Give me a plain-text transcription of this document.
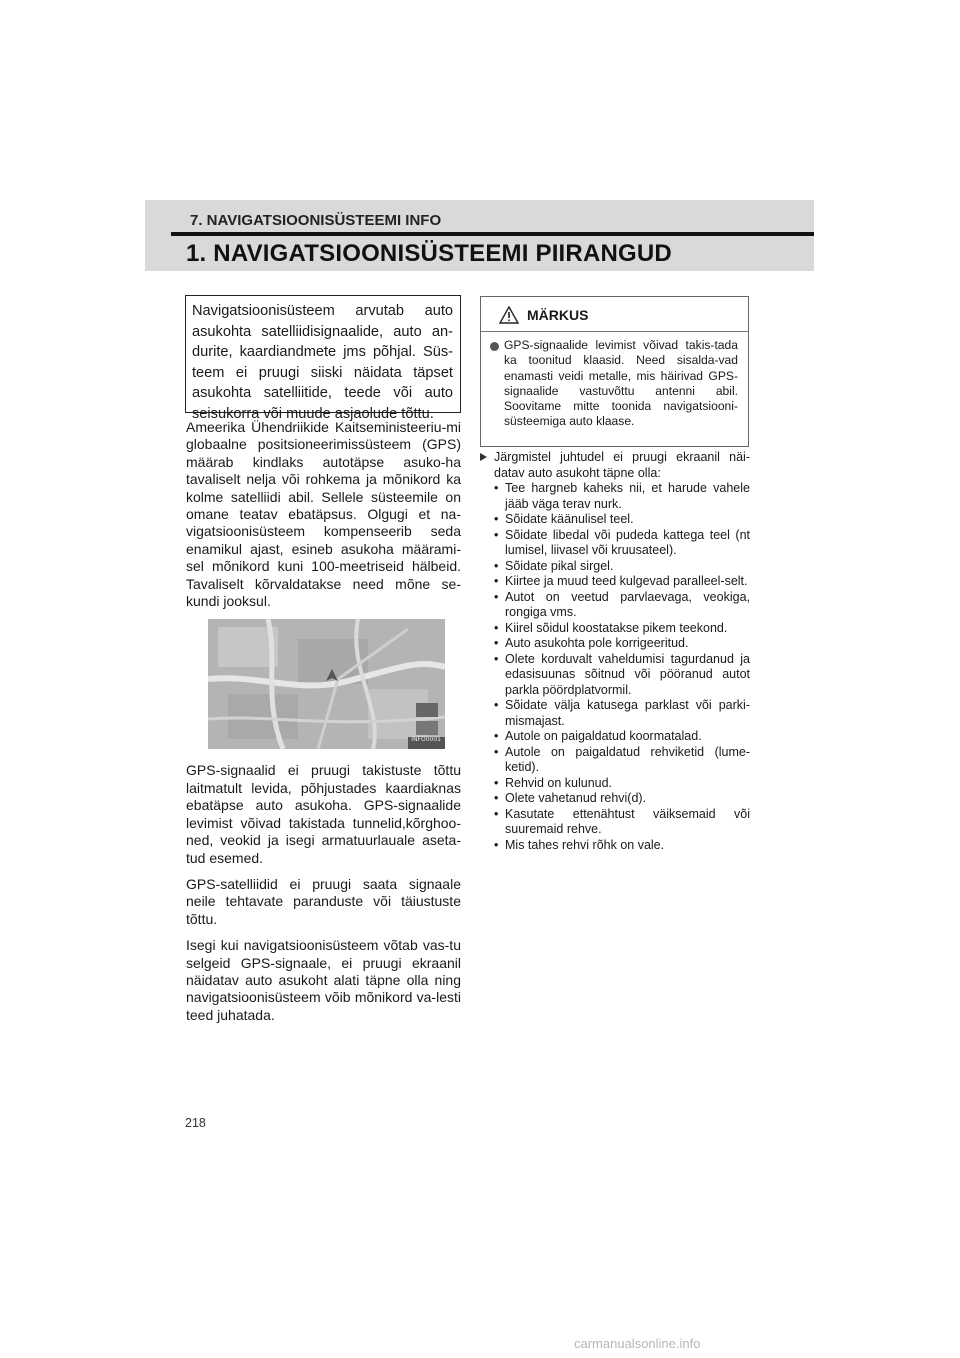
7. NAVIGATSIOONISÜSTEEMI INFO
1. NAVIGATSIOONISÜSTEEMI PIIRANGUD
Navigatsioonisüsteem arvutab auto asukohta satelliidisignaalide, auto an-durite, kaardiandmete jms põhjal. Süs-teem ei pruugi siiski näidata täpset asukohta satelliitide, teede või auto seisukorra või muude asjaolude tõttu.

Ameerika Ühendriikide Kaitseministeeriu-mi globaalne positsioneerimissüsteem (GPS) määrab kindlaks autotäpse asuko-ha tavaliselt nelja või rohkema ja mõnikord ka kolme satelliidi abil. Sellele süsteemile on omane teatav ebatäpsus. Olgugi et na-vigatsioonisüsteem kompenseerib seda enamikul ajast, esineb asukoha määrami-sel mõnikord kuni 100-meetriseid hälbeid. Tavaliselt kõrvaldatakse need mõne se-kundi jooksul.

INFO0001

GPS-signaalid ei pruugi takistuste tõttu laitmatult levida, põhjustades kaardiaknas ebatäpse auto asukoha. GPS-signaalide levimist võivad takistada tunnelid,kõrghoo-ned, veokid ja isegi armatuurlauale aseta-tud esemed.

GPS-satelliidid ei pruugi saata signaale neile tehtavate paranduste või täiustuste tõttu.

Isegi kui navigatsioonisüsteem võtab vas-tu selgeid GPS-signaale, ei pruugi ekraanil näidatav auto asukoht alati täpne olla ning navigatsioonisüsteem võib mõnikord va-lesti teed juhatada.

MÄRKUS
GPS-signaalide levimist võivad takis-tada ka toonitud klaasid. Need sisalda-vad enamasti veidi metalle, mis häirivad GPS-signaalide vastuvõttu antenni abil. Soovitame mitte toonida navigatsiooni-süsteemiga auto klaase.
Järgmistel juhtudel ei pruugi ekraanil näi-datav auto asukoht täpne olla:
• Tee hargneb kaheks nii, et harude vahele jääb väga terav nurk.
• Sõidate käänulisel teel.
• Sõidate libedal või pudeda kattega teel (nt lumisel, liivasel või kruusateel).
• Sõidate pikal sirgel.
• Kiirtee ja muud teed kulgevad paralleel-selt.
• Autot on veetud parvlaevaga, veokiga, rongiga vms.
• Kiirel sõidul koostatakse pikem teekond.
• Auto asukohta pole korrigeeritud.
• Olete korduvalt vaheldumisi tagurdanud ja edasisuunas sõitnud või pööranud autot parkla pöördplatvormil.
• Sõidate välja katusega parklast või parki-mismajast.
• Autole on paigaldatud koormatalad.
• Autole on paigaldatud rehviketid (lume-ketid).
• Rehvid on kulunud.
• Olete vahetanud rehvi(d).
• Kasutate ettenähtust väiksemaid või suuremaid rehve.
• Mis tahes rehvi rõhk on vale.
218
carmanualsonline.info
